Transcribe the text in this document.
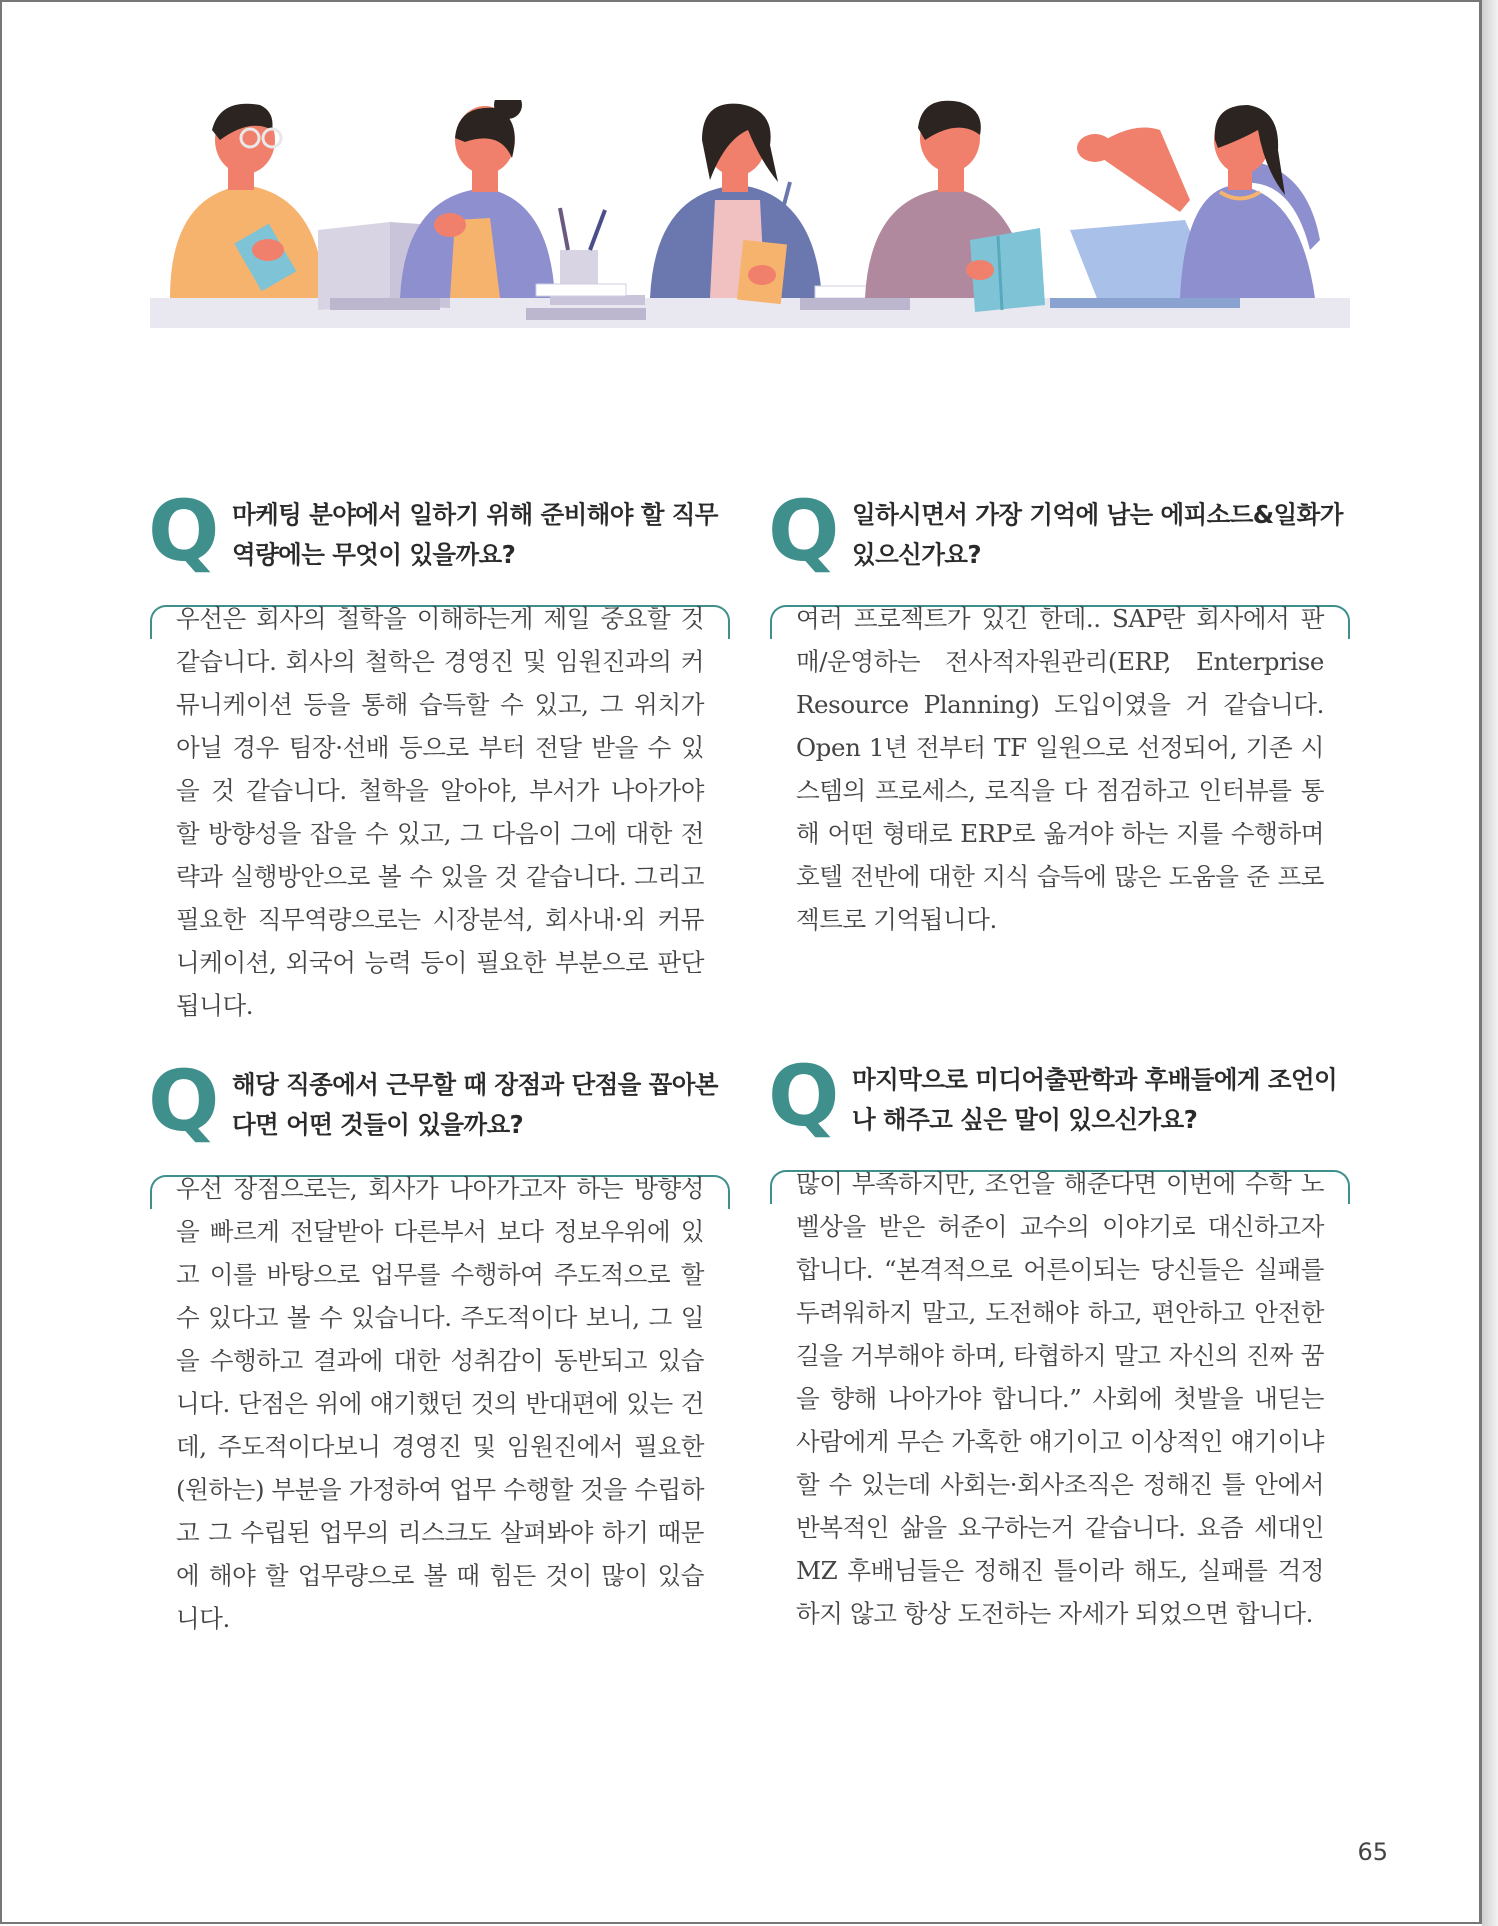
Q 마케팅 분야에서 일하기 위해 준비해야 할 직무역량에는 무엇이 있을까요?
우선은 회사의 철학을 이해하는게 제일 중요할 것 같습니다. 회사의 철학은 경영진 및 임원진과의 커뮤니케이션 등을 통해 습득할 수 있고, 그 위치가 아닐 경우 팀장·선배 등으로 부터 전달 받을 수 있을 것 같습니다. 철학을 알아야, 부서가 나아가야 할 방향성을 잡을 수 있고, 그 다음이 그에 대한 전략과 실행방안으로 볼 수 있을 것 같습니다. 그리고 필요한 직무역량으로는 시장분석, 회사내·외 커뮤니케이션, 외국어 능력 등이 필요한 부분으로 판단됩니다.
Q 일하시면서 가장 기억에 남는 에피소드&일화가 있으신가요?
여러 프로젝트가 있긴 한데.. SAP란 회사에서 판매/운영하는 전사적자원관리(ERP, Enterprise Resource Planning) 도입이였을 거 같습니다. Open 1년 전부터 TF 일원으로 선정되어, 기존 시스템의 프로세스, 로직을 다 점검하고 인터뷰를 통해 어떤 형태로 ERP로 옮겨야 하는 지를 수행하며 호텔 전반에 대한 지식 습득에 많은 도움을 준 프로젝트로 기억됩니다.
Q 해당 직종에서 근무할 때 장점과 단점을 꼽아본다면 어떤 것들이 있을까요?
우선 장점으로는, 회사가 나아가고자 하는 방향성을 빠르게 전달받아 다른부서 보다 정보우위에 있고 이를 바탕으로 업무를 수행하여 주도적으로 할 수 있다고 볼 수 있습니다. 주도적이다 보니, 그 일을 수행하고 결과에 대한 성취감이 동반되고 있습니다. 단점은 위에 얘기했던 것의 반대편에 있는 건데, 주도적이다보니 경영진 및 임원진에서 필요한(원하는) 부분을 가정하여 업무 수행할 것을 수립하고 그 수립된 업무의 리스크도 살펴봐야 하기 때문에 해야 할 업무량으로 볼 때 힘든 것이 많이 있습니다.
Q 마지막으로 미디어출판학과 후배들에게 조언이나 해주고 싶은 말이 있으신가요?
많이 부족하지만, 조언을 해준다면 이번에 수학 노벨상을 받은 허준이 교수의 이야기로 대신하고자 합니다. “본격적으로 어른이되는 당신들은 실패를 두려워하지 말고, 도전해야 하고, 편안하고 안전한 길을 거부해야 하며, 타협하지 말고 자신의 진짜 꿈을 향해 나아가야 합니다.” 사회에 첫발을 내딛는 사람에게 무슨 가혹한 얘기이고 이상적인 얘기이냐 할 수 있는데 사회는·회사조직은 정해진 틀 안에서 반복적인 삶을 요구하는거 같습니다. 요즘 세대인 MZ 후배님들은 정해진 틀이라 해도, 실패를 걱정하지 않고 항상 도전하는 자세가 되었으면 합니다.
65
